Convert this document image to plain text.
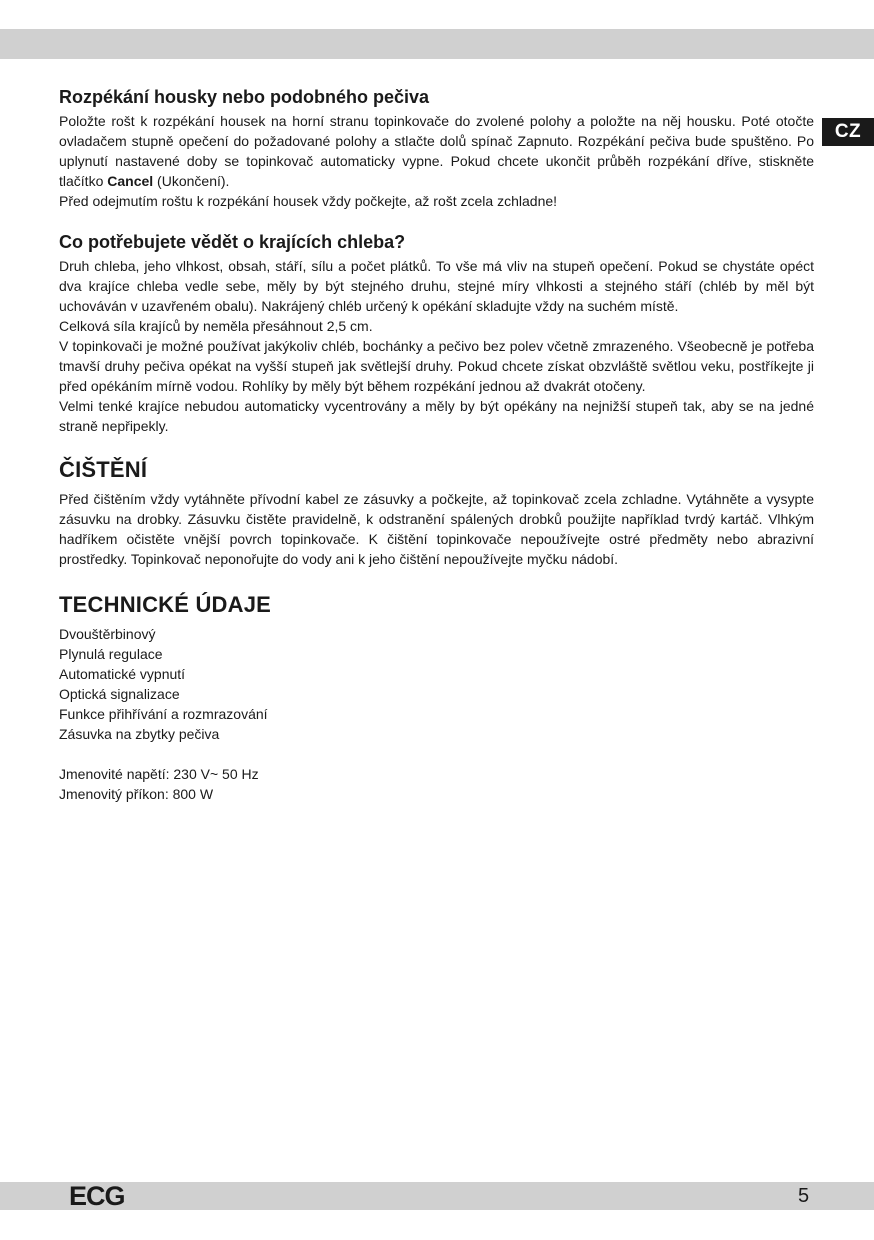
CZ
Rozpékání housky nebo podobného pečiva

Položte rošt k rozpékání housek na horní stranu topinkovače do zvolené polohy a položte na něj housku. Poté otočte ovladačem stupně opečení do požadované polohy a stlačte dolů spínač Zapnuto. Rozpékání pečiva bude spuštěno. Po uplynutí nastavené doby se topinkovač automaticky vypne. Pokud chcete ukončit průběh rozpékání dříve, stiskněte tlačítko Cancel (Ukončení).

Před odejmutím roštu k rozpékání housek vždy počkejte, až rošt zcela zchladne!

Co potřebujete vědět o krajících chleba?

Druh chleba, jeho vlhkost, obsah, stáří, sílu a počet plátků. To vše má vliv na stupeň opečení. Pokud se chystáte opéct dva krajíce chleba vedle sebe, měly by být stejného druhu, stejné míry vlhkosti a stejného stáří (chléb by měl být uchováván v uzavřeném obalu). Nakrájený chléb určený k opékání skladujte vždy na suchém místě.

Celková síla krajíců by neměla přesáhnout 2,5 cm.

V topinkovači je možné používat jakýkoliv chléb, bochánky a pečivo bez polev včetně zmrazeného. Všeobecně je potřeba tmavší druhy pečiva opékat na vyšší stupeň jak světlejší druhy. Pokud chcete získat obzvláště světlou veku, postříkejte ji před opékáním mírně vodou. Rohlíky by měly být během rozpékání jednou až dvakrát otočeny.

Velmi tenké krajíce nebudou automaticky vycentrovány a měly by být opékány na nejnižší stupeň tak, aby se na jedné straně nepřipekly.

ČIŠTĚNÍ

Před čištěním vždy vytáhněte přívodní kabel ze zásuvky a počkejte, až topinkovač zcela zchladne. Vytáhněte a vysypte zásuvku na drobky. Zásuvku čistěte pravidelně, k odstranění spálených drobků použijte například tvrdý kartáč. Vlhkým hadříkem očistěte vnější povrch topinkovače. K čištění topinkovače nepoužívejte ostré předměty nebo abrazivní prostředky. Topinkovač neponořujte do vody ani k jeho čištění nepoužívejte myčku nádobí.

TECHNICKÉ ÚDAJE
Dvouštěrbinový
Plynulá regulace
Automatické vypnutí
Optická signalizace
Funkce přihřívání a rozmrazování
Zásuvka na zbytky pečiva
Jmenovité napětí: 230 V~ 50 Hz
Jmenovitý příkon: 800 W
ECG	5
